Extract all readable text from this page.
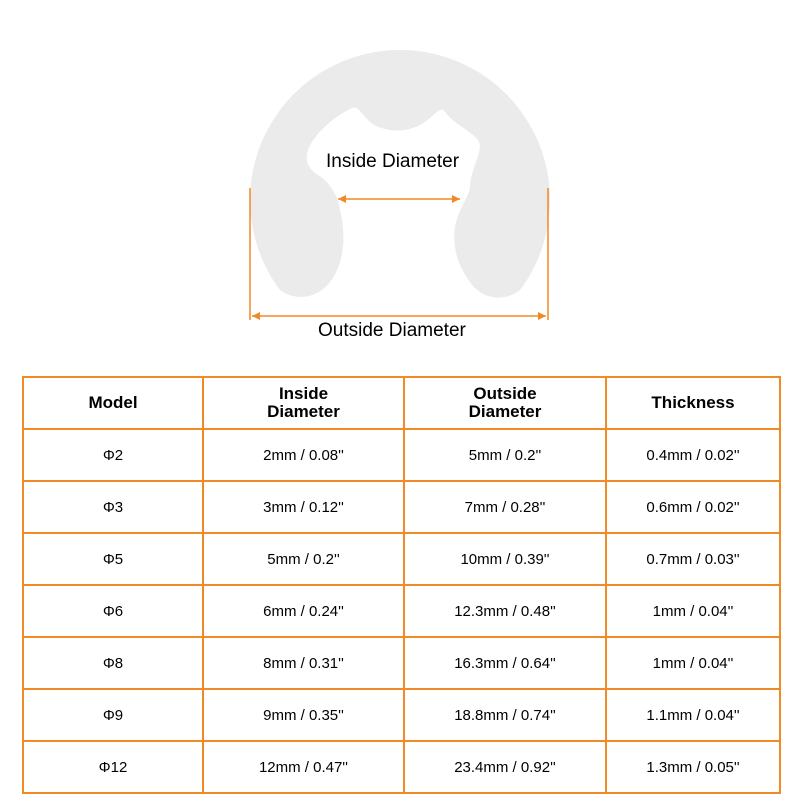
Inside Diameter
Outside Diameter
Model	Inside Diameter	Outside Diameter	Thickness
Φ2	2mm / 0.08''	5mm / 0.2''	0.4mm / 0.02''
Φ3	3mm / 0.12''	7mm / 0.28''	0.6mm / 0.02''
Φ5	5mm / 0.2''	10mm / 0.39''	0.7mm / 0.03''
Φ6	6mm / 0.24''	12.3mm / 0.48''	1mm / 0.04''
Φ8	8mm / 0.31''	16.3mm / 0.64''	1mm / 0.04''
Φ9	9mm / 0.35''	18.8mm / 0.74''	1.1mm / 0.04''
Φ12	12mm / 0.47''	23.4mm / 0.92''	1.3mm / 0.05''
